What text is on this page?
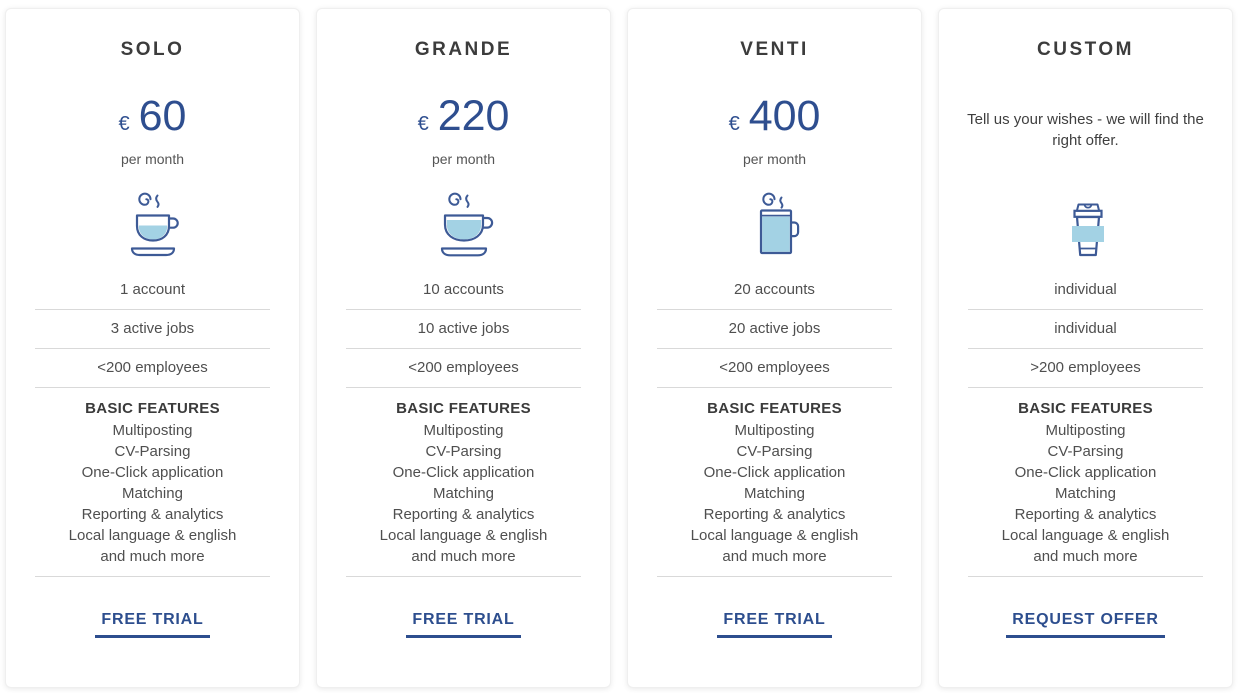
SOLO
€ 60
per month
1 account
3 active jobs
<200 employees
BASIC FEATURES
Multiposting
CV-Parsing
One-Click application
Matching
Reporting & analytics
Local language & english
and much more
FREE TRIAL
GRANDE
€ 220
per month
10 accounts
10 active jobs
<200 employees
BASIC FEATURES
Multiposting
CV-Parsing
One-Click application
Matching
Reporting & analytics
Local language & english
and much more
FREE TRIAL
VENTI
€ 400
per month
20 accounts
20 active jobs
<200 employees
BASIC FEATURES
Multiposting
CV-Parsing
One-Click application
Matching
Reporting & analytics
Local language & english
and much more
FREE TRIAL
CUSTOM

Tell us your wishes - we will find the right offer.

individual
individual
>200 employees
BASIC FEATURES
Multiposting
CV-Parsing
One-Click application
Matching
Reporting & analytics
Local language & english
and much more
REQUEST OFFER
